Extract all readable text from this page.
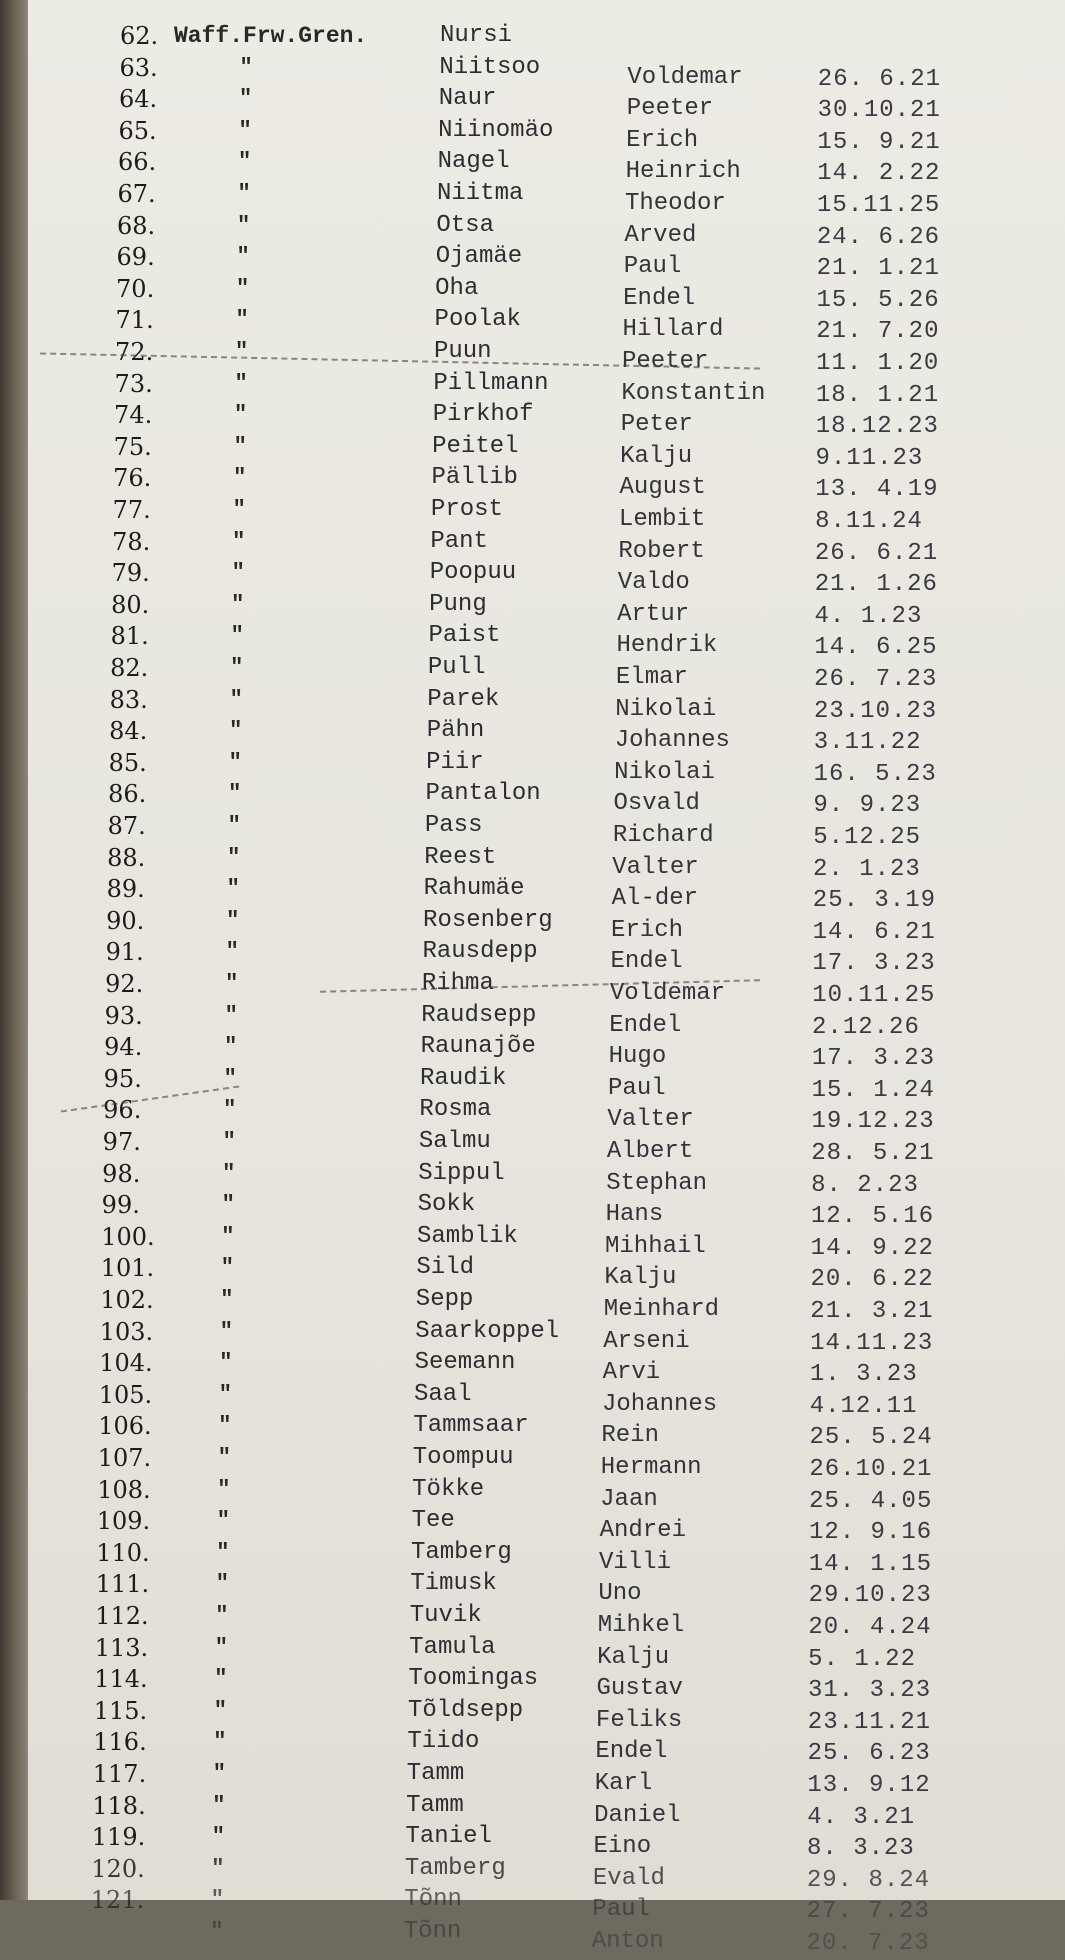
62. Waff.Frw.Gren.	Nursi
63.	"	Niitsoo	Voldemar	26. 6.21
64.	"	Naur	Peeter	30.10.21
65.	"	Niinomäo	Erich	15. 9.21
66.	"	Nagel	Heinrich	14. 2.22
67.	"	Niitma	Theodor	15.11.25
68.	"	Otsa	Arved	24. 6.26
69.	"	Ojamäe	Paul	21. 1.21
70.	"	Oha	Endel	15. 5.26
71.	"	Poolak	Hillard	21. 7.20
72.	"	Puun	Peeter	11. 1.20
73.	"	Pillmann	Konstantin 18. 1.21
74.	"	Pirkhof	Peter	18.12.23
75.	"	Peitel	Kalju	9.11.23
76.	"	Pällib	August	13. 4.19
77.	"	Prost	Lembit	8.11.24
78.	"	Pant	Robert	26. 6.21
79.	"	Poopuu	Valdo	21. 1.26
80.	"	Pung	Artur	4. 1.23
81.	"	Paist	Hendrik	14. 6.25
82.	"	Pull	Elmar	26. 7.23
83.	"	Parek	Nikolai	23.10.23
84.	"	Pähn	Johannes	3.11.22
85.	"	Piir	Nikolai	16. 5.23
86.	"	Pantalon	Osvald	9. 9.23
87.	"	Pass	Richard	5.12.25
88.	"	Reest	Valter	2. 1.23
89.	"	Rahumäe	Al-der	25. 3.19
90.	"	Rosenberg Erich	14. 6.21
91.	"	Rausdepp	Endel	17. 3.23
92.	"	Rihma	Voldemar	10.11.25
93.	"	Raudsepp	Endel	2.12.26
94.	"	Raunajõe	Hugo	17. 3.23
95.	"	Raudik	Paul	15. 1.24
96.	"	Rosma	Valter	19.12.23
97.	"	Salmu	Albert	28. 5.21
98.	"	Sippul	Stephan	8. 2.23
99.	"	Sokk	Hans	12. 5.16
100.	"	Samblik	Mihhail	14. 9.22
101.	"	Sild	Kalju	20. 6.22
102.	"	Sepp	Meinhard	21. 3.21
103.	"	Saarkoppel Arseni	14.11.23
104.	"	Seemann	Arvi	1. 3.23
105.	"	Saal	Johannes	4.12.11
106.	"	Tammsaar	Rein	25. 5.24
107.	"	Toompuu	Hermann	26.10.21
108.	"	Tökke	Jaan	25. 4.05
109.	"	Tee	Andrei	12. 9.16
110.	"	Tamberg	Villi	14. 1.15
111.	"	Timusk	Uno	29.10.23
112.	"	Tuvik	Mihkel	20. 4.24
113.	"	Tamula	Kalju	5. 1.22
114.	"	Toomingas Gustav	31. 3.23
115.	"	Tõldsepp	Feliks	23.11.21
116.	"	Tiido	Endel	25. 6.23
117.	"	Tamm	Karl	13. 9.12
118.	"	Tamm	Daniel	4. 3.21
119.	"	Taniel	Eino	8. 3.23
120.	"	Tamberg	Evald	29. 8.24
121.	"	Tõnn	Paul	27. 7.23
"	Tõnn	Anton	20. 7.23
